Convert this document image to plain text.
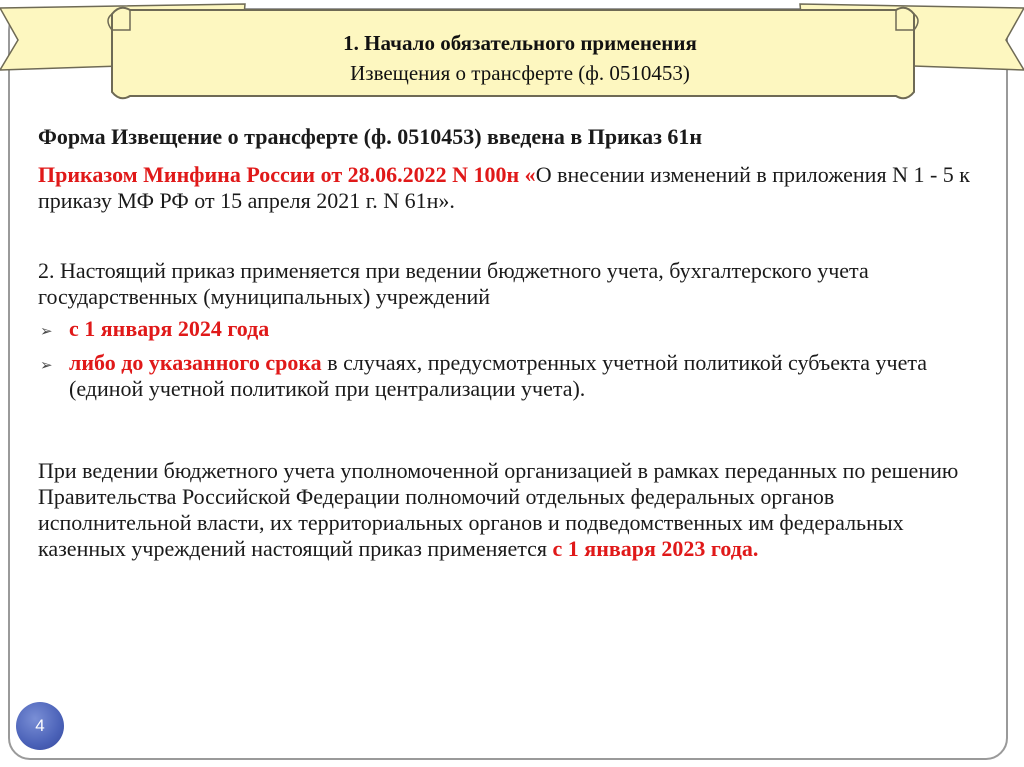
1. Начало обязательного применения
Извещения о трансферте (ф. 0510453)

Форма Извещение о трансферте (ф. 0510453) введена в Приказ 61н

Приказом Минфина России от 28.06.2022 N 100н «О внесении изменений в приложения N 1 - 5 к приказу МФ РФ от 15 апреля 2021 г. N 61н».

2. Настоящий приказ применяется при ведении бюджетного учета, бухгалтерского учета государственных (муниципальных) учреждений

➢ с 1 января 2024 года
➢ либо до указанного срока в случаях, предусмотренных учетной политикой субъекта учета (единой учетной политикой при централизации учета).

При ведении бюджетного учета уполномоченной организацией в рамках переданных по решению Правительства Российской Федерации полномочий отдельных федеральных органов исполнительной власти, их территориальных органов и подведомственных им федеральных казенных учреждений настоящий приказ применяется с 1 января 2023 года.

4
